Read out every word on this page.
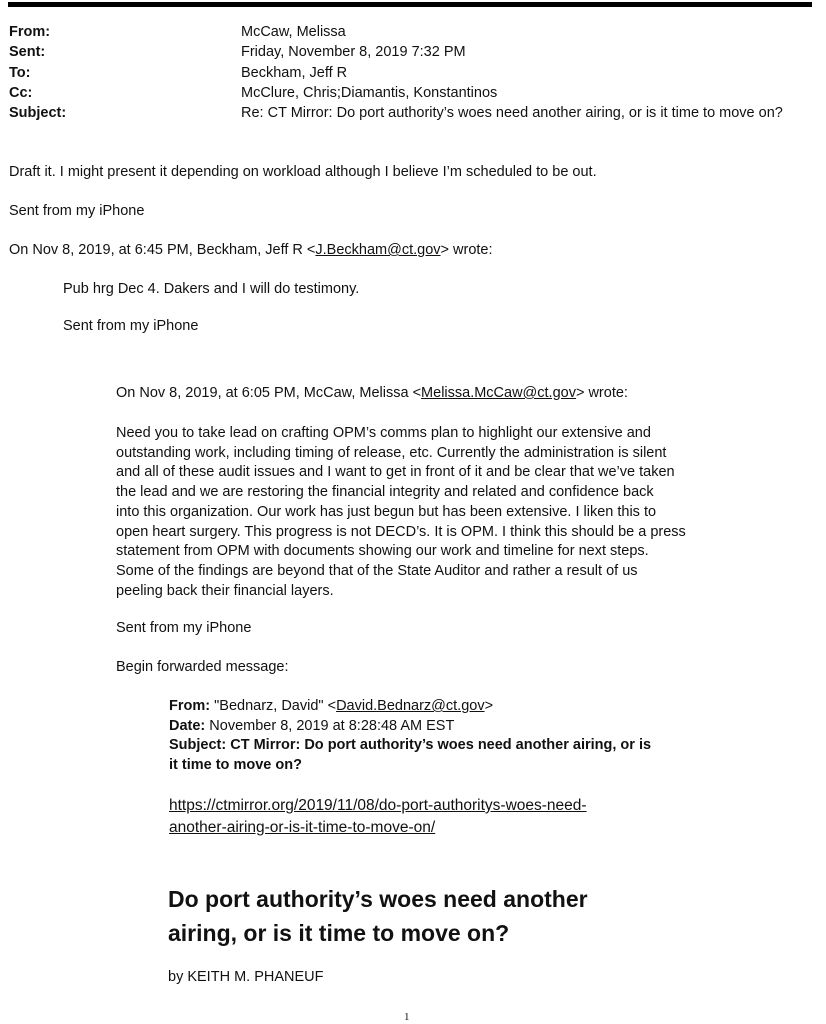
From:	McCaw, Melissa
Sent:	Friday, November 8, 2019 7:32 PM
To:	Beckham, Jeff R
Cc:	McClure, Chris;Diamantis, Konstantinos
Subject:	Re: CT Mirror: Do port authority’s woes need another airing, or is it time to move on?
Draft it. I might present it depending on workload although I believe I’m scheduled to be out.
Sent from my iPhone
On Nov 8, 2019, at 6:45 PM, Beckham, Jeff R <J.Beckham@ct.gov> wrote:
Pub hrg Dec 4. Dakers and I will do testimony.
Sent from my iPhone
On Nov 8, 2019, at 6:05 PM, McCaw, Melissa <Melissa.McCaw@ct.gov> wrote:
Need you to take lead on crafting OPM’s comms plan to highlight our extensive and
outstanding work, including timing of release, etc. Currently the administration is silent
and all of these audit issues and I want to get in front of it and be clear that we’ve taken
the lead and we are restoring the financial integrity and related and confidence back
into this organization. Our work has just begun but has been extensive. I liken this to
open heart surgery. This progress is not DECD’s. It is OPM. I think this should be a press
statement from OPM with documents showing our work and timeline for next steps.
Some of the findings are beyond that of the State Auditor and rather a result of us
peeling back their financial layers.
Sent from my iPhone
Begin forwarded message:
From: "Bednarz, David" <David.Bednarz@ct.gov>
Date: November 8, 2019 at 8:28:48 AM EST
Subject: CT Mirror: Do port authority’s woes need another airing, or is
it time to move on?
https://ctmirror.org/2019/11/08/do-port-authoritys-woes-need-
another-airing-or-is-it-time-to-move-on/
Do port authority’s woes need another
airing, or is it time to move on?
by KEITH M. PHANEUF
1
